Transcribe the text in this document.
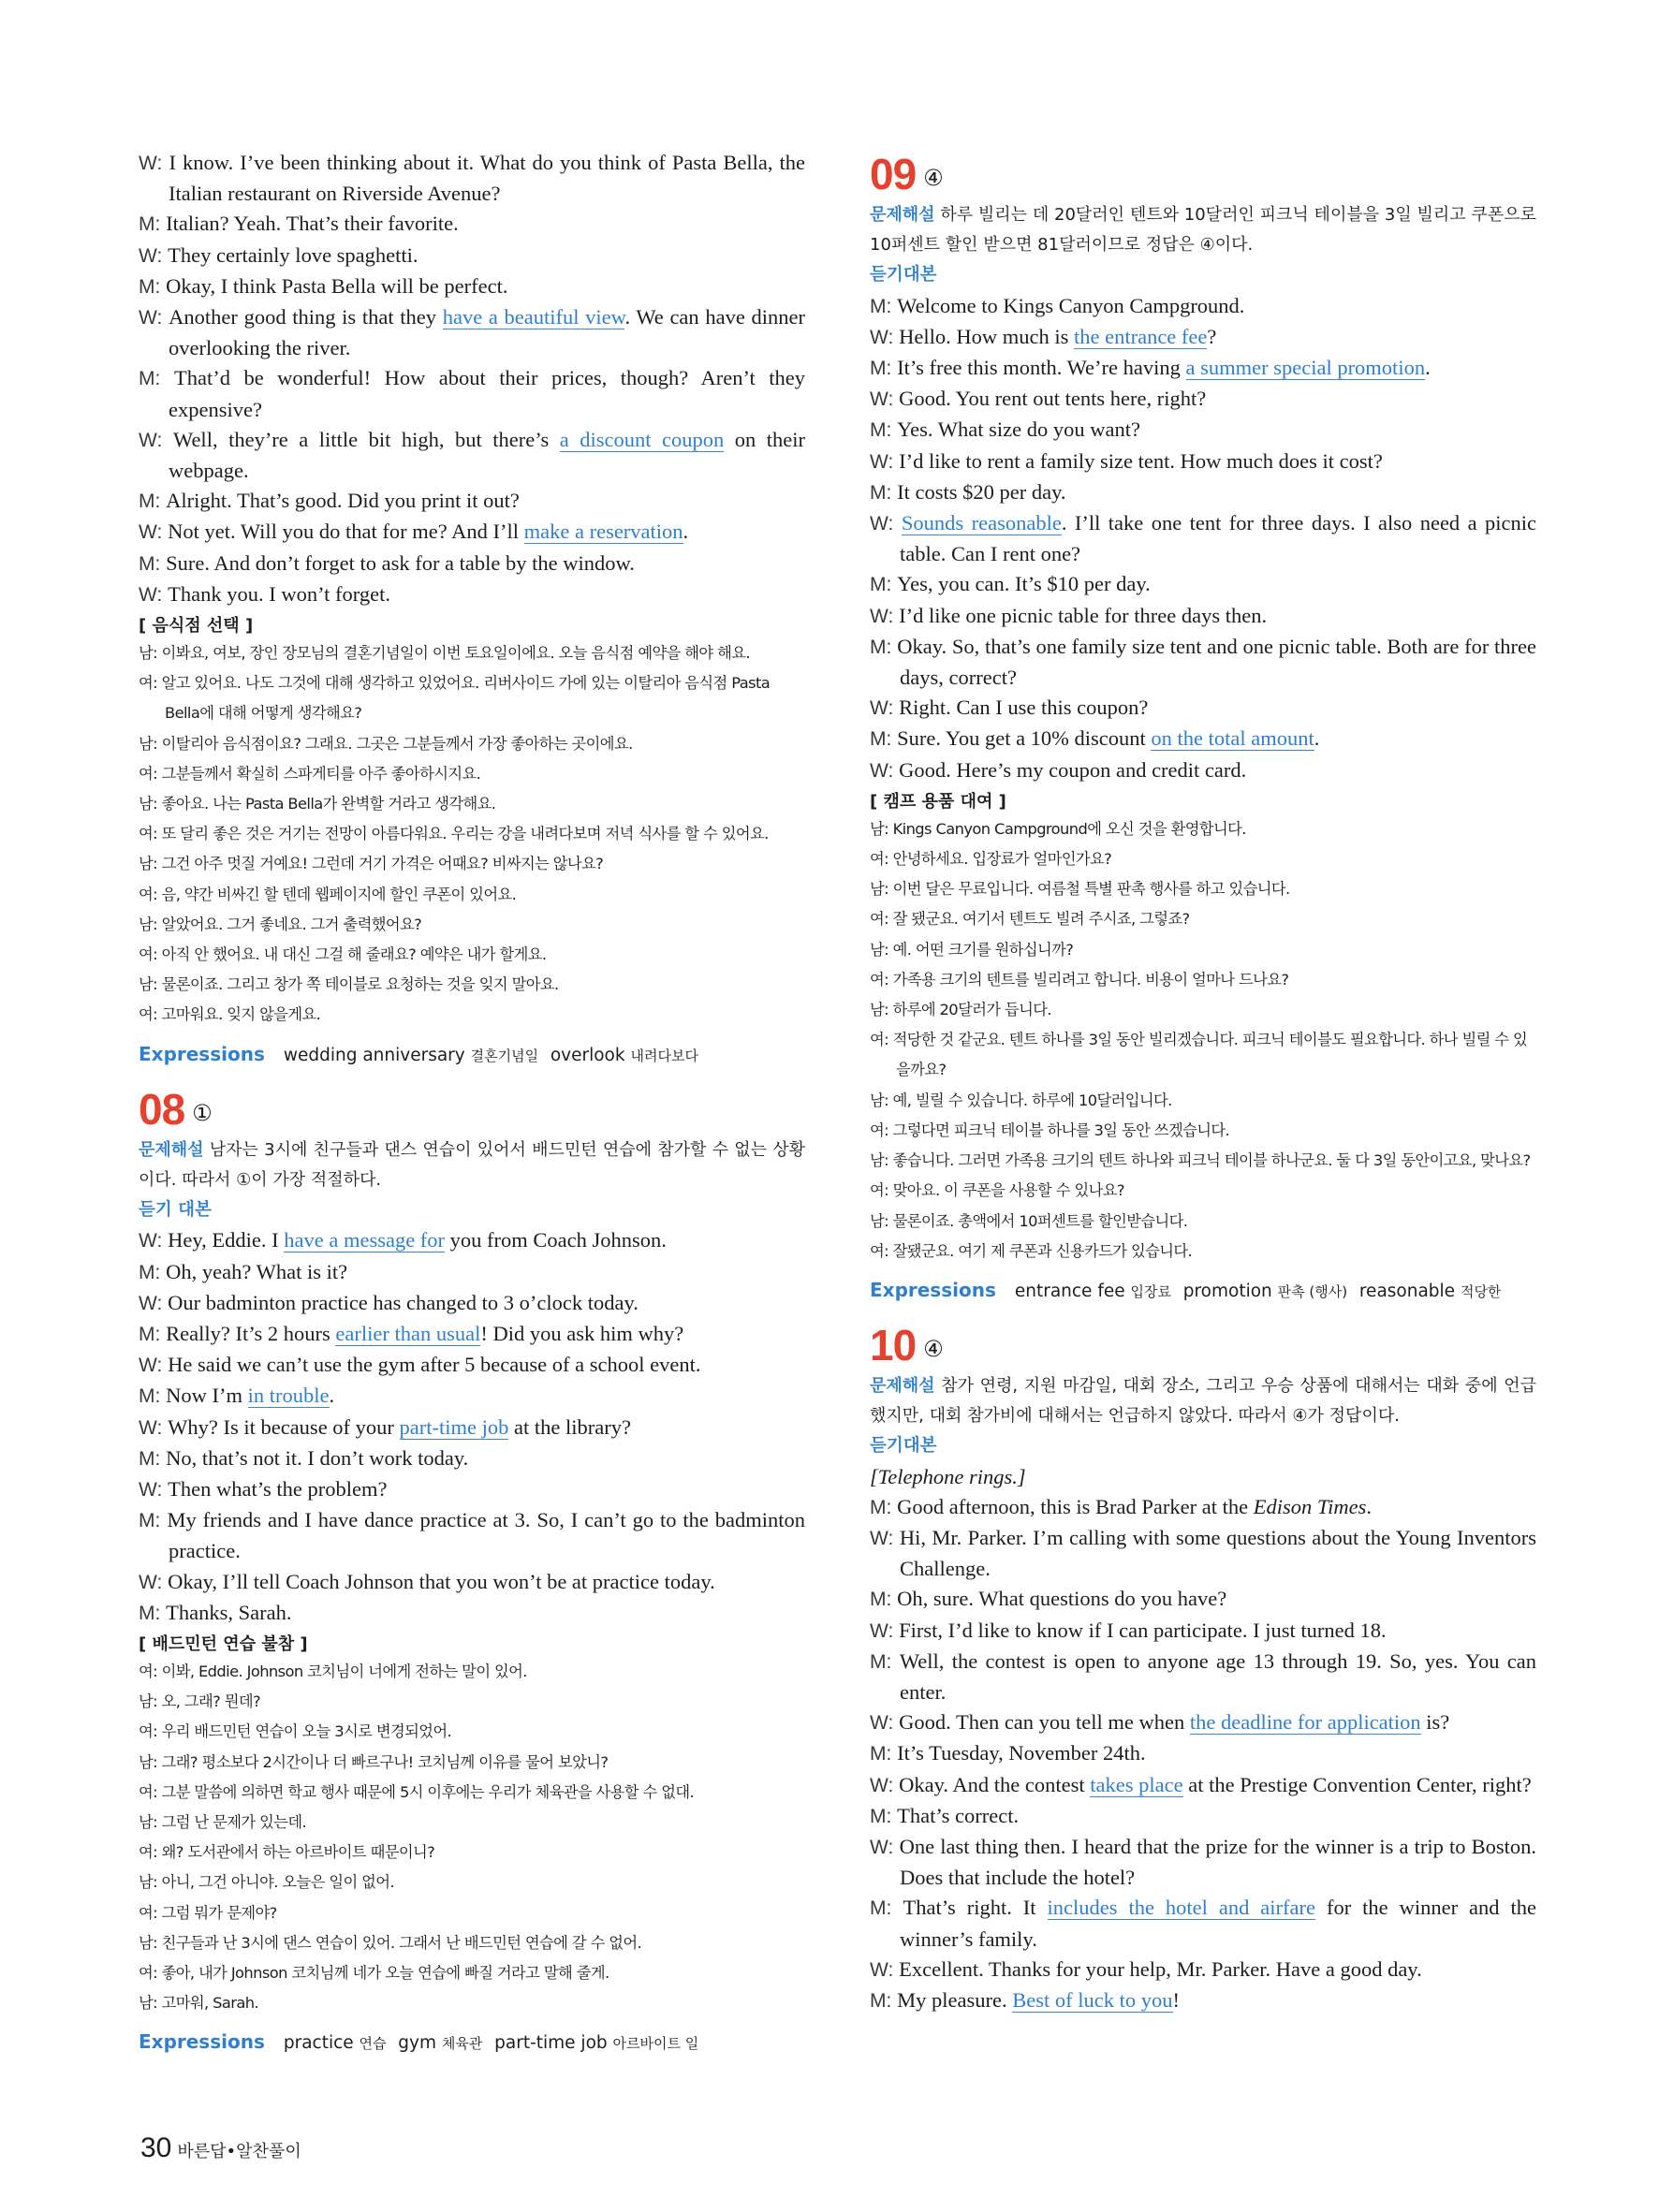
W: I know. I’ve been thinking about it. What do you think of Pasta Bella, the Italian restaurant on Riverside Avenue?
M: Italian? Yeah. That’s their favorite.
W: They certainly love spaghetti.
M: Okay, I think Pasta Bella will be perfect.
W: Another good thing is that they have a beautiful view. We can have dinner overlooking the river.
M: That’d be wonderful! How about their prices, though? Aren’t they expensive?
W: Well, they’re a little bit high, but there’s a discount coupon on their webpage.
M: Alright. That’s good. Did you print it out?
W: Not yet. Will you do that for me? And I’ll make a reservation.
M: Sure. And don’t forget to ask for a table by the window.
W: Thank you. I won’t forget.
[ 음식점 선택 ]
남: 이봐요, 여보, 장인 장모님의 결혼기념일이 이번 토요일이에요. 오늘 음식점 예약을 해야 해요.
여: 알고 있어요. 나도 그것에 대해 생각하고 있었어요. 리버사이드 가에 있는 이탈리아 음식점 Pasta Bella에 대해 어떻게 생각해요?
남: 이탈리아 음식점이요? 그래요. 그곳은 그분들께서 가장 좋아하는 곳이에요.
여: 그분들께서 확실히 스파게티를 아주 좋아하시지요.
남: 좋아요. 나는 Pasta Bella가 완벽할 거라고 생각해요.
여: 또 달리 좋은 것은 거기는 전망이 아름다워요. 우리는 강을 내려다보며 저녁 식사를 할 수 있어요.
남: 그건 아주 멋질 거예요! 그런데 거기 가격은 어때요? 비싸지는 않나요?
여: 음, 약간 비싸긴 할 텐데 웹페이지에 할인 쿠폰이 있어요.
남: 알았어요. 그거 좋네요. 그거 출력했어요?
여: 아직 안 했어요. 내 대신 그걸 해 줄래요? 예약은 내가 할게요.
남: 물론이죠. 그리고 창가 쪽 테이블로 요청하는 것을 잊지 말아요.
여: 고마워요. 잊지 않을게요.
Expressions wedding anniversary 결혼기념일 overlook 내려다보다
08 ①
문제해설 남자는 3시에 친구들과 댄스 연습이 있어서 배드민턴 연습에 참가할 수 없는 상황이다. 따라서 ①이 가장 적절하다.
듣기 대본
W: Hey, Eddie. I have a message for you from Coach Johnson.
M: Oh, yeah? What is it?
W: Our badminton practice has changed to 3 o’clock today.
M: Really? It’s 2 hours earlier than usual! Did you ask him why?
W: He said we can’t use the gym after 5 because of a school event.
M: Now I’m in trouble.
W: Why? Is it because of your part-time job at the library?
M: No, that’s not it. I don’t work today.
W: Then what’s the problem?
M: My friends and I have dance practice at 3. So, I can’t go to the badminton practice.
W: Okay, I’ll tell Coach Johnson that you won’t be at practice today.
M: Thanks, Sarah.
[ 배드민턴 연습 불참 ]
여: 이봐, Eddie. Johnson 코치님이 너에게 전하는 말이 있어.
남: 오, 그래? 뭔데?
여: 우리 배드민턴 연습이 오늘 3시로 변경되었어.
남: 그래? 평소보다 2시간이나 더 빠르구나! 코치님께 이유를 물어 보았니?
여: 그분 말씀에 의하면 학교 행사 때문에 5시 이후에는 우리가 체육관을 사용할 수 없대.
남: 그럼 난 문제가 있는데.
여: 왜? 도서관에서 하는 아르바이트 때문이니?
남: 아니, 그건 아니야. 오늘은 일이 없어.
여: 그럼 뭐가 문제야?
남: 친구들과 난 3시에 댄스 연습이 있어. 그래서 난 배드민턴 연습에 갈 수 없어.
여: 좋아, 내가 Johnson 코치님께 네가 오늘 연습에 빠질 거라고 말해 줄게.
남: 고마워, Sarah.
Expressions practice 연습 gym 체육관 part-time job 아르바이트 일
09 ④
문제해설 하루 빌리는 데 20달러인 텐트와 10달러인 피크닉 테이블을 3일 빌리고 쿠폰으로 10퍼센트 할인 받으면 81달러이므로 정답은 ④이다.
듣기대본
M: Welcome to Kings Canyon Campground.
W: Hello. How much is the entrance fee?
M: It’s free this month. We’re having a summer special promotion.
W: Good. You rent out tents here, right?
M: Yes. What size do you want?
W: I’d like to rent a family size tent. How much does it cost?
M: It costs $20 per day.
W: Sounds reasonable. I’ll take one tent for three days. I also need a picnic table. Can I rent one?
M: Yes, you can. It’s $10 per day.
W: I’d like one picnic table for three days then.
M: Okay. So, that’s one family size tent and one picnic table. Both are for three days, correct?
W: Right. Can I use this coupon?
M: Sure. You get a 10% discount on the total amount.
W: Good. Here’s my coupon and credit card.
[ 캠프 용품 대여 ]
남: Kings Canyon Campground에 오신 것을 환영합니다.
여: 안녕하세요. 입장료가 얼마인가요?
남: 이번 달은 무료입니다. 여름철 특별 판촉 행사를 하고 있습니다.
여: 잘 됐군요. 여기서 텐트도 빌려 주시죠, 그렇죠?
남: 예. 어떤 크기를 원하십니까?
여: 가족용 크기의 텐트를 빌리려고 합니다. 비용이 얼마나 드나요?
남: 하루에 20달러가 듭니다.
여: 적당한 것 같군요. 텐트 하나를 3일 동안 빌리겠습니다. 피크닉 테이블도 필요합니다. 하나 빌릴 수 있을까요?
남: 예, 빌릴 수 있습니다. 하루에 10달러입니다.
여: 그렇다면 피크닉 테이블 하나를 3일 동안 쓰겠습니다.
남: 좋습니다. 그러면 가족용 크기의 텐트 하나와 피크닉 테이블 하나군요. 둘 다 3일 동안이고요, 맞나요?
여: 맞아요. 이 쿠폰을 사용할 수 있나요?
남: 물론이죠. 총액에서 10퍼센트를 할인받습니다.
여: 잘됐군요. 여기 제 쿠폰과 신용카드가 있습니다.
Expressions entrance fee 입장료 promotion 판촉 (행사) reasonable 적당한
10 ④
문제해설 참가 연령, 지원 마감일, 대회 장소, 그리고 우승 상품에 대해서는 대화 중에 언급했지만, 대회 참가비에 대해서는 언급하지 않았다. 따라서 ④가 정답이다.
듣기대본
[Telephone rings.]
M: Good afternoon, this is Brad Parker at the Edison Times.
W: Hi, Mr. Parker. I’m calling with some questions about the Young Inventors Challenge.
M: Oh, sure. What questions do you have?
W: First, I’d like to know if I can participate. I just turned 18.
M: Well, the contest is open to anyone age 13 through 19. So, yes. You can enter.
W: Good. Then can you tell me when the deadline for application is?
M: It’s Tuesday, November 24th.
W: Okay. And the contest takes place at the Prestige Convention Center, right?
M: That’s correct.
W: One last thing then. I heard that the prize for the winner is a trip to Boston. Does that include the hotel?
M: That’s right. It includes the hotel and airfare for the winner and the winner’s family.
W: Excellent. Thanks for your help, Mr. Parker. Have a good day.
M: My pleasure. Best of luck to you!
30 바른답•알찬풀이
